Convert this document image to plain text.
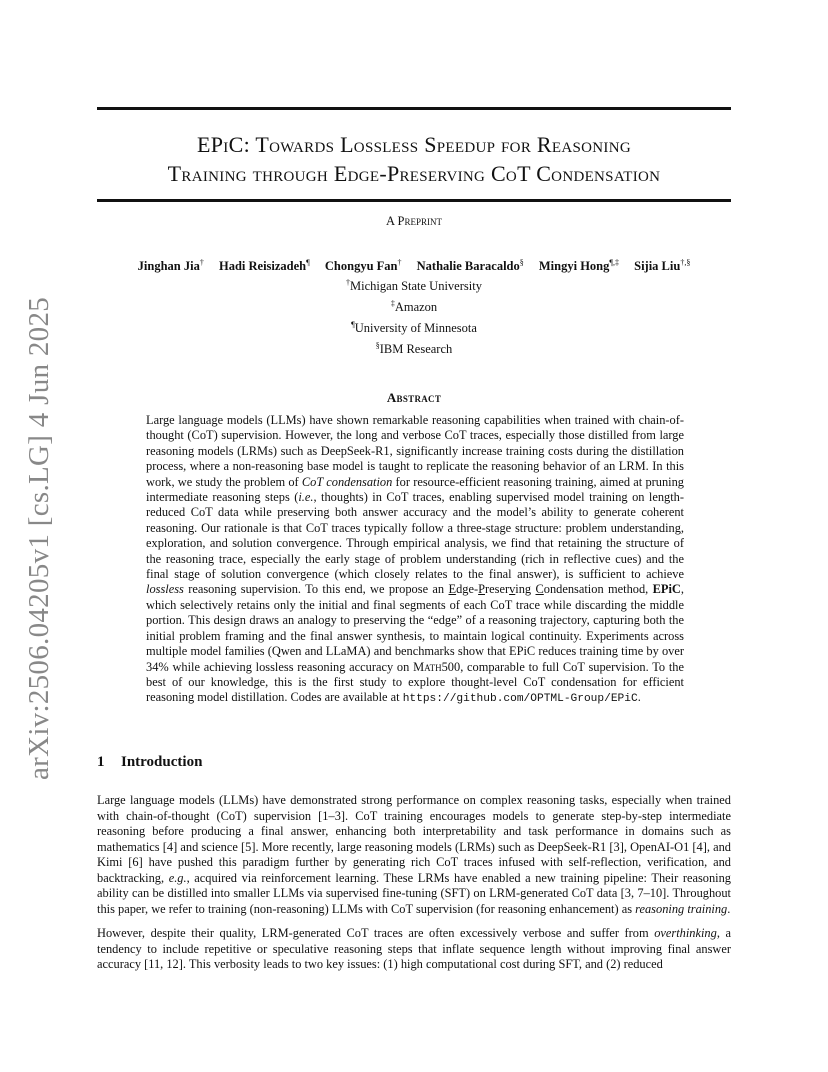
arXiv:2506.04205v1 [cs.LG] 4 Jun 2025
EPiC: Towards Lossless Speedup for Reasoning
Training through Edge-Preserving CoT Condensation
A Preprint
Jinghan Jia† Hadi Reisizadeh¶ Chongyu Fan† Nathalie Baracaldo§ Mingyi Hong¶,‡ Sijia Liu†,§
†Michigan State University
‡Amazon
¶University of Minnesota
§IBM Research
Abstract

Large language models (LLMs) have shown remarkable reasoning capabilities when trained with chain-of-thought (CoT) supervision. However, the long and verbose CoT traces, especially those distilled from large reasoning models (LRMs) such as DeepSeek-R1, significantly increase training costs during the distillation process, where a non-reasoning base model is taught to replicate the reasoning behavior of an LRM. In this work, we study the problem of CoT condensation for resource-efficient reasoning training, aimed at pruning intermediate reasoning steps (i.e., thoughts) in CoT traces, enabling supervised model training on length-reduced CoT data while preserving both answer accuracy and the model’s ability to generate coherent reasoning. Our rationale is that CoT traces typically follow a three-stage structure: problem understanding, exploration, and solution convergence. Through empirical analysis, we find that retaining the structure of the reasoning trace, especially the early stage of problem understanding (rich in reflective cues) and the final stage of solution convergence (which closely relates to the final answer), is sufficient to achieve lossless reasoning supervision. To this end, we propose an Edge-Preserving Condensation method, EPiC, which selectively retains only the initial and final segments of each CoT trace while discarding the middle portion. This design draws an analogy to preserving the “edge” of a reasoning trajectory, capturing both the initial problem framing and the final answer synthesis, to maintain logical continuity. Experiments across multiple model families (Qwen and LLaMA) and benchmarks show that EPiC reduces training time by over 34% while achieving lossless reasoning accuracy on Math500, comparable to full CoT supervision. To the best of our knowledge, this is the first study to explore thought-level CoT condensation for efficient reasoning model distillation. Codes are available at https://github.com/OPTML-Group/EPiC.

1 Introduction

Large language models (LLMs) have demonstrated strong performance on complex reasoning tasks, especially when trained with chain-of-thought (CoT) supervision [1–3]. CoT training encourages models to generate step-by-step intermediate reasoning before producing a final answer, enhancing both interpretability and task performance in domains such as mathematics [4] and science [5]. More recently, large reasoning models (LRMs) such as DeepSeek-R1 [3], OpenAI-O1 [4], and Kimi [6] have pushed this paradigm further by generating rich CoT traces infused with self-reflection, verification, and backtracking, e.g., acquired via reinforcement learning. These LRMs have enabled a new training pipeline: Their reasoning ability can be distilled into smaller LLMs via supervised fine-tuning (SFT) on LRM-generated CoT data [3, 7–10]. Throughout this paper, we refer to training (non-reasoning) LLMs with CoT supervision (for reasoning enhancement) as reasoning training.

However, despite their quality, LRM-generated CoT traces are often excessively verbose and suffer from overthinking, a tendency to include repetitive or speculative reasoning steps that inflate sequence length without improving final answer accuracy [11, 12]. This verbosity leads to two key issues: (1) high computational cost during SFT, and (2) reduced
